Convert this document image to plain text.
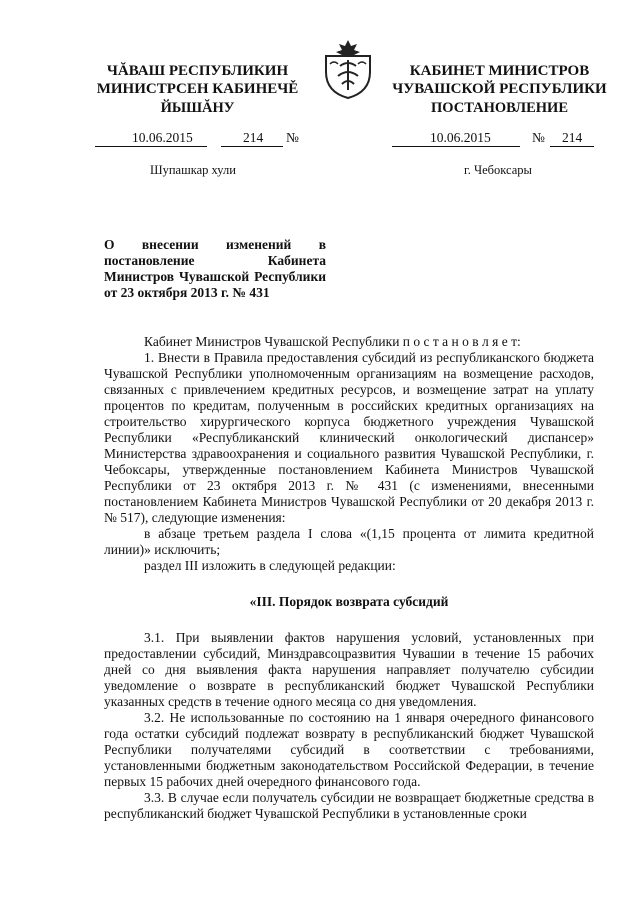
ЧĂВАШ РЕСПУБЛИКИН
МИНИСТРСЕН КАБИНЕЧĚ
ЙЫШĂНУ
КАБИНЕТ МИНИСТРОВ
ЧУВАШСКОЙ РЕСПУБЛИКИ
ПОСТАНОВЛЕНИЕ
10.06.2015	214 №	10.06.2015	№ 214
Шупашкар хули	г. Чебоксары
О внесении изменений в постановление Кабинета Министров Чувашской Республики от 23 октября 2013 г. № 431

Кабинет Министров Чувашской Республики п о с т а н о в л я е т:

1. Внести в Правила предоставления субсидий из республиканского бюджета Чувашской Республики уполномоченным организациям на возмещение расходов, связанных с привлечением кредитных ресурсов, и возмещение затрат на уплату процентов по кредитам, полученным в российских кредитных организациях на строительство хирургического корпуса бюджетного учреждения Чувашской Республики «Республиканский клинический онкологический диспансер» Министерства здравоохранения и социального развития Чувашской Республики, г. Чебоксары, утвержденные постановлением Кабинета Министров Чувашской Республики от 23 октября 2013 г. № 431 (с изменениями, внесенными постановлением Кабинета Министров Чувашской Республики от 20 декабря 2013 г. № 517), следующие изменения:

в абзаце третьем раздела I слова «(1,15 процента от лимита кредитной линии)» исключить;

раздел III изложить в следующей редакции:

«III. Порядок возврата субсидий

3.1. При выявлении фактов нарушения условий, установленных при предоставлении субсидий, Минздравсоцразвития Чувашии в течение 15 рабочих дней со дня выявления факта нарушения направляет получателю субсидии уведомление о возврате в республиканский бюджет Чувашской Республики указанных средств в течение одного месяца со дня уведомления.

3.2. Не использованные по состоянию на 1 января очередного финансового года остатки субсидий подлежат возврату в республиканский бюджет Чувашской Республики получателями субсидий в соответствии с требованиями, установленными бюджетным законодательством Российской Федерации, в течение первых 15 рабочих дней очередного финансового года.

3.3. В случае если получатель субсидии не возвращает бюджетные средства в республиканский бюджет Чувашской Республики в установленные сроки
